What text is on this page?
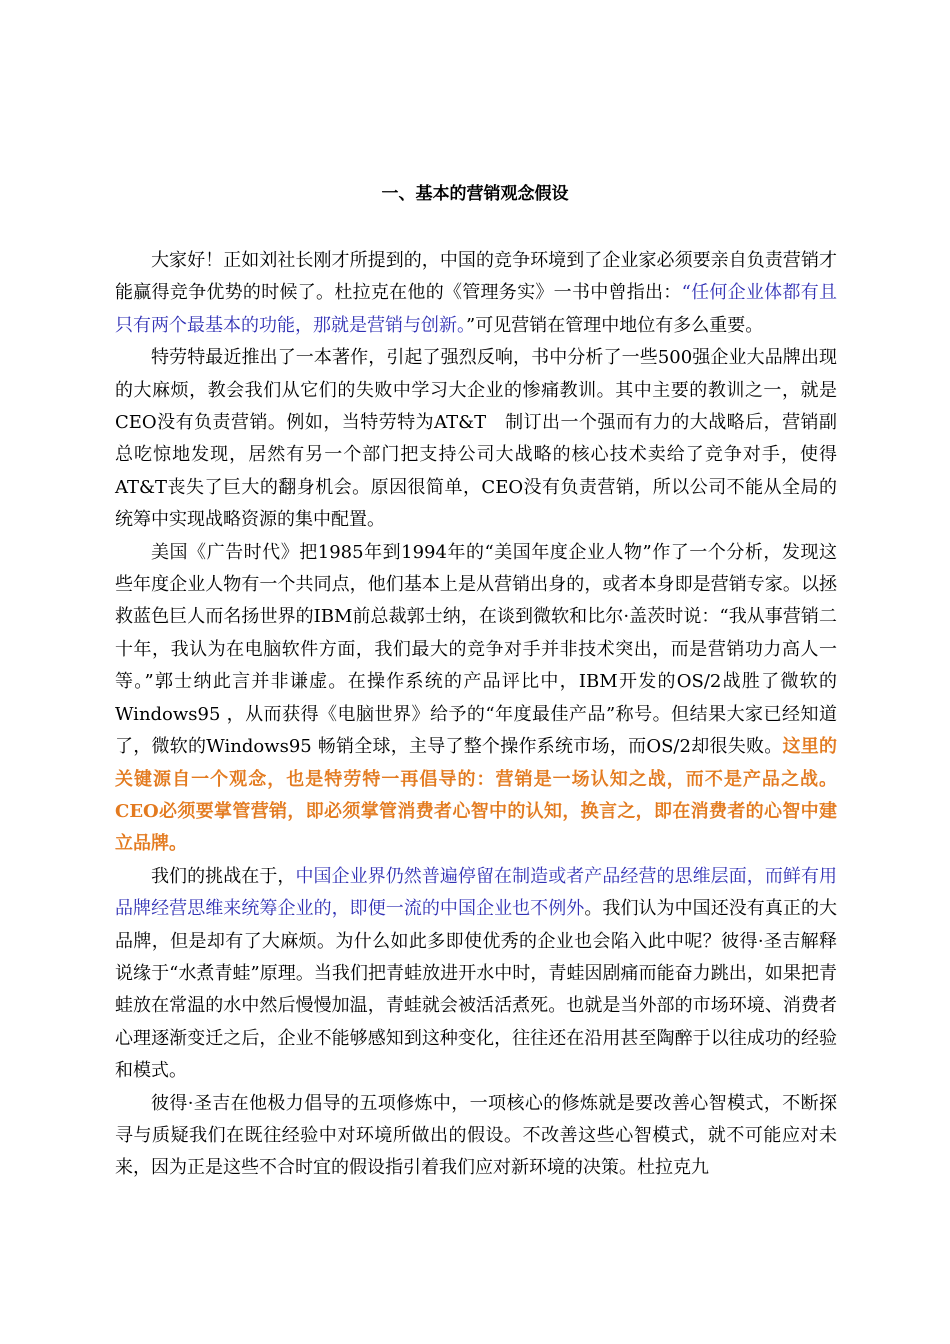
一、基本的营销观念假设

大家好！正如刘社长刚才所提到的，中国的竞争环境到了企业家必须要亲自负责营销才能赢得竞争优势的时候了。杜拉克在他的《管理务实》一书中曾指出：“任何企业体都有且只有两个最基本的功能，那就是营销与创新。”可见营销在管理中地位有多么重要。

特劳特最近推出了一本著作，引起了强烈反响，书中分析了一些500强企业大品牌出现的大麻烦，教会我们从它们的失败中学习大企业的惨痛教训。其中主要的教训之一，就是CEO没有负责营销。例如，当特劳特为AT&T　制订出一个强而有力的大战略后，营销副总吃惊地发现，居然有另一个部门把支持公司大战略的核心技术卖给了竞争对手，使得AT&T丧失了巨大的翻身机会。原因很简单，CEO没有负责营销，所以公司不能从全局的统筹中实现战略资源的集中配置。

美国《广告时代》把1985年到1994年的“美国年度企业人物”作了一个分析，发现这些年度企业人物有一个共同点，他们基本上是从营销出身的，或者本身即是营销专家。以拯救蓝色巨人而名扬世界的IBM前总裁郭士纳，在谈到微软和比尔·盖茨时说：“我从事营销二十年，我认为在电脑软件方面，我们最大的竞争对手并非技术突出，而是营销功力高人一等。”郭士纳此言并非谦虚。在操作系统的产品评比中，IBM开发的OS/2战胜了微软的Windows95 ，从而获得《电脑世界》给予的“年度最佳产品”称号。但结果大家已经知道了，微软的Windows95 畅销全球，主导了整个操作系统市场，而OS/2却很失败。这里的关键源自一个观念，也是特劳特一再倡导的：营销是一场认知之战，而不是产品之战。CEO必须要掌管营销，即必须掌管消费者心智中的认知，换言之，即在消费者的心智中建立品牌。

我们的挑战在于，中国企业界仍然普遍停留在制造或者产品经营的思维层面，而鲜有用品牌经营思维来统筹企业的，即便一流的中国企业也不例外。我们认为中国还没有真正的大品牌，但是却有了大麻烦。为什么如此多即使优秀的企业也会陷入此中呢？彼得·圣吉解释说缘于“水煮青蛙”原理。当我们把青蛙放进开水中时，青蛙因剧痛而能奋力跳出，如果把青蛙放在常温的水中然后慢慢加温，青蛙就会被活活煮死。也就是当外部的市场环境、消费者心理逐渐变迁之后，企业不能够感知到这种变化，往往还在沿用甚至陶醉于以往成功的经验和模式。

彼得·圣吉在他极力倡导的五项修炼中，一项核心的修炼就是要改善心智模式，不断探寻与质疑我们在既往经验中对环境所做出的假设。不改善这些心智模式，就不可能应对未来，因为正是这些不合时宜的假设指引着我们应对新环境的决策。杜拉克九
